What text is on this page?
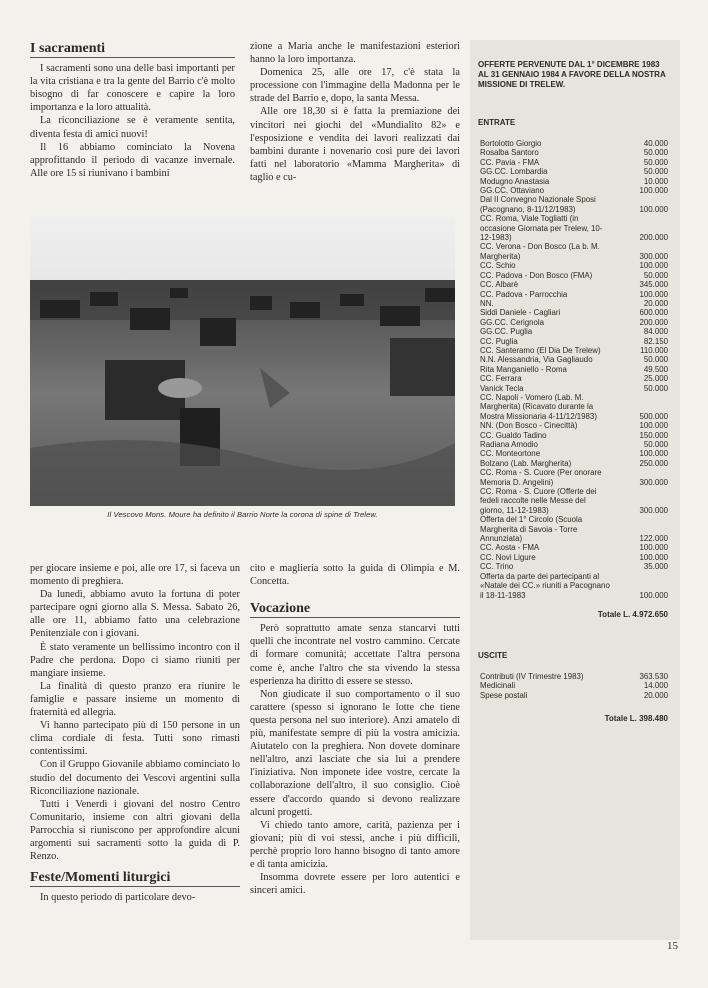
I sacramenti

I sacramenti sono una delle basi importanti per la vita cristiana e tra la gente del Barrio c'è molto bisogno di far conoscere e capire la loro importanza e la loro attualità.

La riconciliazione se è veramente sentita, diventa festa di amici nuovi!

Il 16 abbiamo cominciato la Novena approfittando il periodo di vacanze invernale. Alle ore 15 si riunivano i bambini

zione a Maria anche le manifestazioni esteriori hanno la loro importanza.

Domenica 25, alle ore 17, c'è stata la processione con l'immagine della Madonna per le strade del Barrio e, dopo, la santa Messa.

Alle ore 18,30 si è fatta la premiazione dei vincitori nei giochi del «Mundialito 82» e l'esposizione e vendita dei lavori realizzati dai bambini durante i novenario così pure dei lavori fatti nel laboratorio «Mamma Margherita» di taglio e cu-

Il Vescovo Mons. Moure ha definito il Barrio Norte la corona di spine di Trelew.

per giocare insieme e poi, alle ore 17, si faceva un momento di preghiera.

Da lunedì, abbiamo avuto la fortuna di poter partecipare ogni giorno alla S. Messa. Sabato 26, alle ore 11, abbiamo fatto una celebrazione Penitenziale con i giovani.

È stato veramente un bellissimo incontro con il Padre che perdona. Dopo ci siamo riuniti per mangiare insieme.

La finalità di questo pranzo era riunire le famiglie e passare insieme un momento di fraternità ed allegria.

Vi hanno partecipato più di 150 persone in un clima cordiale di festa. Tutti sono rimasti contentissimi.

Con il Gruppo Giovanile abbiamo cominciato lo studio del documento dei Vescovi argentini sulla Riconciliazione nazionale.

Tutti i Venerdì i giovani del nostro Centro Comunitario, insieme con altri giovani della Parrocchia si riuniscono per approfondire alcuni argomenti sui sacramenti sotto la guida di P. Renzo.

Feste/Momenti liturgici

In questo periodo di particolare devo-

cito e maglieria sotto la guida di Olimpia e M. Concetta.

Vocazione

Però soprattutto amate senza stancarvi tutti quelli che incontrate nel vostro cammino. Cercate di formare comunità; accettate l'altra persona come è, anche l'altro che sta vivendo la stessa esperienza ha diritto di essere se stesso.

Non giudicate il suo comportamento o il suo carattere (spesso si ignorano le lotte che tiene questa persona nel suo interiore). Anzi amatelo di più, manifestate sempre di più la vostra amicizia. Aiutatelo con la preghiera. Non dovete dominare nell'altro, anzi lasciate che sia lui a prendere l'iniziativa. Non imponete idee vostre, cercate la collaborazione dell'altro, il suo consiglio. Cioè essere d'accordo quando si devono realizzare alcuni progetti.

Vi chiedo tanto amore, carità, pazienza per i giovani; più di voi stessi, anche i più difficili, perchè proprio loro hanno bisogno di tanto amore e di tanta amicizia.

Insomma dovrete essere per loro autentici e sinceri amici.

OFFERTE PERVENUTE DAL 1° DICEMBRE 1983 AL 31 GENNAIO 1984 A FAVORE DELLA NOSTRA MISSIONE DI TRELEW.
ENTRATE
Bortolotto Giorgio	40.000
Rosalba Santoro	50.000
CC. Pavia - FMA	50.000
GG.CC. Lombardia	50.000
Modugno Anastasia	10.000
GG.CC. Ottaviano	100.000
Dal II Convegno Nazionale Sposi (Pacognano, 8-11/12/1983)	100.000
CC. Roma, Viale Togliatti (in occasione Giornata per Trelew, 10-12-1983)	200.000
CC. Verona - Don Bosco (La b. M. Margherita)	300.000
CC. Schio	100.000
CC. Padova - Don Bosco (FMA)	50.000
CC. Albarè	345.000
CC. Padova - Parrocchia	100.000
NN.	20.000
Siddi Daniele - Cagliari	600.000
GG.CC. Cerignola	200.000
GG.CC. Puglia	84.000
CC. Puglia	82.150
CC. Santeramo (El Dia De Trelew)	110.000
N.N. Alessandria, Via Gagliaudo	50.000
Rita Manganiello - Roma	49.500
CC. Ferrara	25.000
Vanick Tecla	50.000
CC. Napoli - Vomero (Lab. M. Margherita) (Ricavato durante la Mostra Missionaria 4-11/12/1983)	500.000
NN. (Don Bosco - Cinecittà)	100.000
CC. Gualdo Tadino	150.000
Radiana Amodio	50.000
CC. Monteortone	100.000
Bolzano (Lab. Margherita)	250.000
CC. Roma - S. Cuore (Per onorare Memoria D. Angelini)	300.000
CC. Roma - S. Cuore (Offerte dei fedeli raccolte nelle Messe del giorno, 11-12-1983)	300.000
Offerta del 1° Circolo (Scuola Margherita di Savoia - Torre Annunziata)	122.000
CC. Aosta - FMA	100.000
CC. Novi Ligure	100.000
CC. Trino	35.000
Offerta da parte dei partecipanti al «Natale dei CC.» riuniti a Pacognano il 18-11-1983	100.000
Totale L. 4.972.650
USCITE
Contributi (IV Trimestre 1983)	363.530
Medicinali	14.000
Spese postali	20.000
Totale L. 398.480
15
